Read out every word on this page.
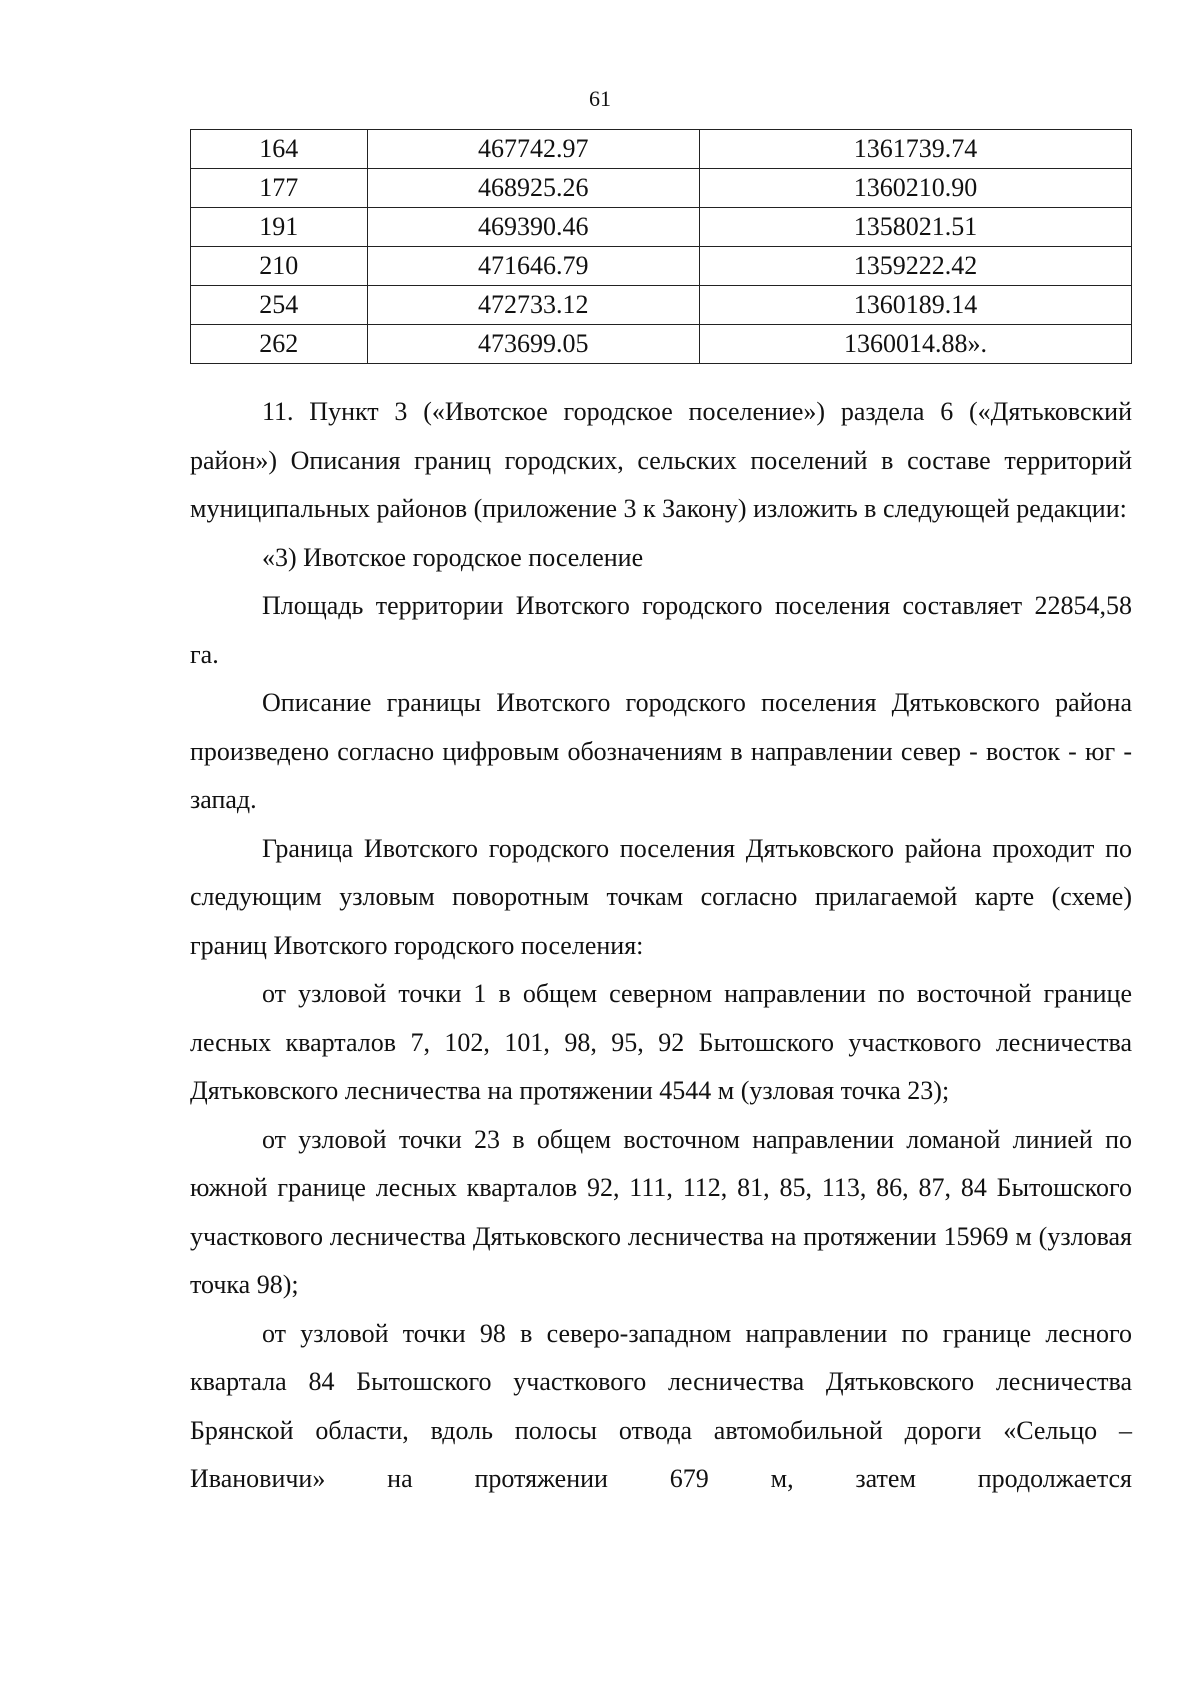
61
164	467742.97	1361739.74
177	468925.26	1360210.90
191	469390.46	1358021.51
210	471646.79	1359222.42
254	472733.12	1360189.14
262	473699.05	1360014.88».

11. Пункт 3 («Ивотское городское поселение») раздела 6 («Дятьковский район») Описания границ городских, сельских поселений в составе территорий муниципальных районов (приложение 3 к Закону) изложить в следующей редакции:

«3) Ивотское городское поселение

Площадь территории Ивотского городского поселения составляет 22854,58 га.

Описание границы Ивотского городского поселения Дятьковского района произведено согласно цифровым обозначениям в направлении север - восток - юг - запад.

Граница Ивотского городского поселения Дятьковского района проходит по следующим узловым поворотным точкам согласно прилагаемой карте (схеме) границ Ивотского городского поселения:

от узловой точки 1 в общем северном направлении по восточной границе лесных кварталов 7, 102, 101, 98, 95, 92 Бытошского участкового лесничества Дятьковского лесничества на протяжении 4544 м (узловая точка 23);

от узловой точки 23 в общем восточном направлении ломаной линией по южной границе лесных кварталов 92, 111, 112, 81, 85, 113, 86, 87, 84 Бытошского участкового лесничества Дятьковского лесничества на протяжении 15969 м (узловая точка 98);

от узловой точки 98 в северо-западном направлении по границе лесного квартала 84 Бытошского участкового лесничества Дятьковского лесничества Брянской области, вдоль полосы отвода автомобильной дороги «Сельцо – Ивановичи» на протяжении 679 м, затем продолжается
